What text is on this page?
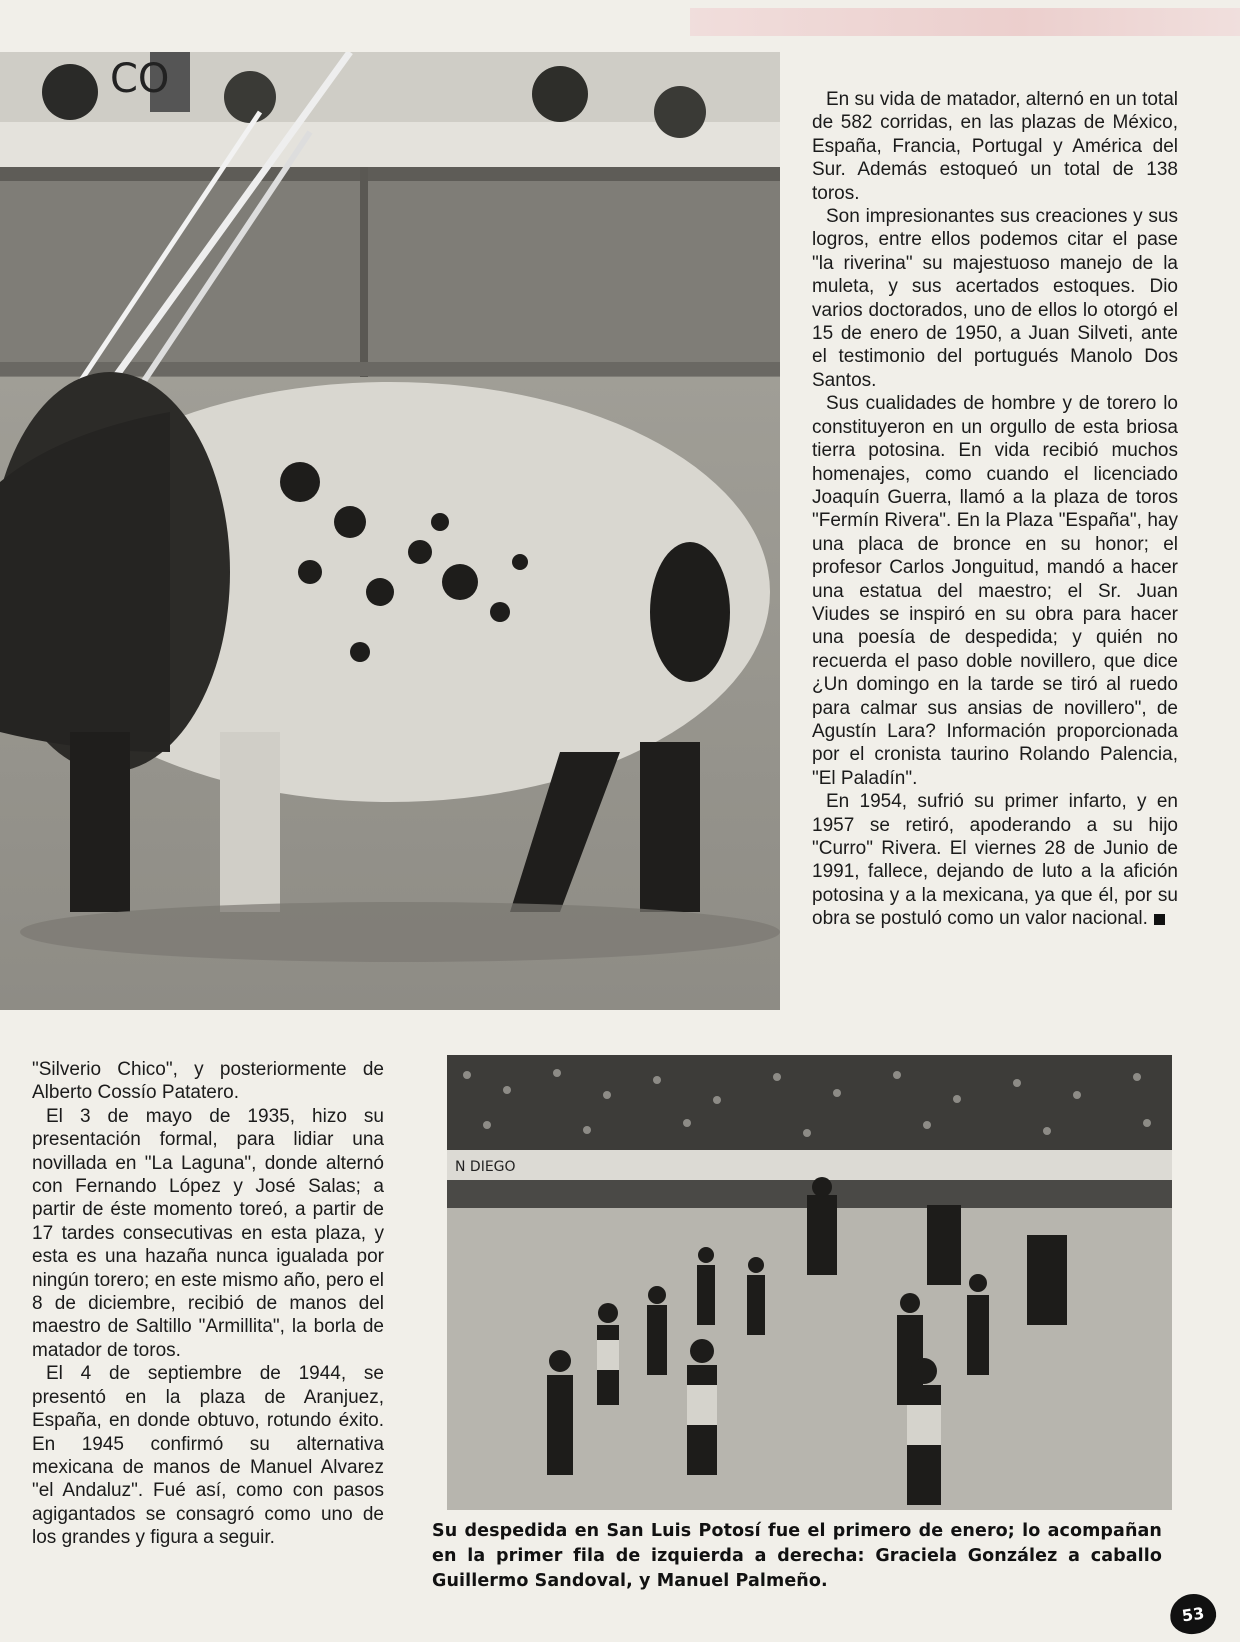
CO	En su vida de matador, alternó en un total de 582 corridas, en las plazas de México, España, Francia, Portugal y América del Sur. Además estoqueó un total de 138 toros.

Son impresionantes sus creaciones y sus logros, entre ellos podemos citar el pase "la riverina" su majestuoso manejo de la muleta, y sus acertados estoques. Dio varios doctorados, uno de ellos lo otorgó el 15 de enero de 1950, a Juan Silveti, ante el testimonio del portugués Manolo Dos Santos.

Sus cualidades de hombre y de torero lo constituyeron en un orgullo de esta briosa tierra potosina. En vida recibió muchos homenajes, como cuando el licenciado Joaquín Guerra, llamó a la plaza de toros "Fermín Rivera". En la Plaza "España", hay una placa de bronce en su honor; el profesor Carlos Jonguitud, mandó a hacer una estatua del maestro; el Sr. Juan Viudes se inspiró en su obra para hacer una poesía de despedida; y quién no recuerda el paso doble novillero, que dice ¿Un domingo en la tarde se tiró al ruedo para calmar sus ansias de novillero", de Agustín Lara? Información proporcionada por el cronista taurino Rolando Palencia, "El Paladín".

En 1954, sufrió su primer infarto, y en 1957 se retiró, apoderando a su hijo "Curro" Rivera. El viernes 28 de Junio de 1991, fallece, dejando de luto a la afición potosina y a la mexicana, ya que él, por su obra se postuló como un valor nacional.

"Silverio Chico", y posteriormente de Alberto Cossío Patatero.

El 3 de mayo de 1935, hizo su presentación formal, para lidiar una novillada en "La Laguna", donde alternó con Fernando López y José Salas; a partir de éste momento toreó, a partir de 17 tardes consecutivas en esta plaza, y esta es una hazaña nunca igualada por ningún torero; en este mismo año, pero el 8 de diciembre, recibió de manos del maestro de Saltillo "Armillita", la borla de matador de toros.

El 4 de septiembre de 1944, se presentó en la plaza de Aranjuez, España, en donde obtuvo, rotundo éxito. En 1945 confirmó su alternativa mexicana de manos de Manuel Alvarez "el Andaluz". Fué así, como con pasos agigantados se consagró como uno de los grandes y figura a seguir.

N DIEGO
Su despedida en San Luis Potosí fue el primero de enero; lo acompañan en la primer fila de izquierda a derecha: Graciela González a caballo Guillermo Sandoval, y Manuel Palmeño.
53
